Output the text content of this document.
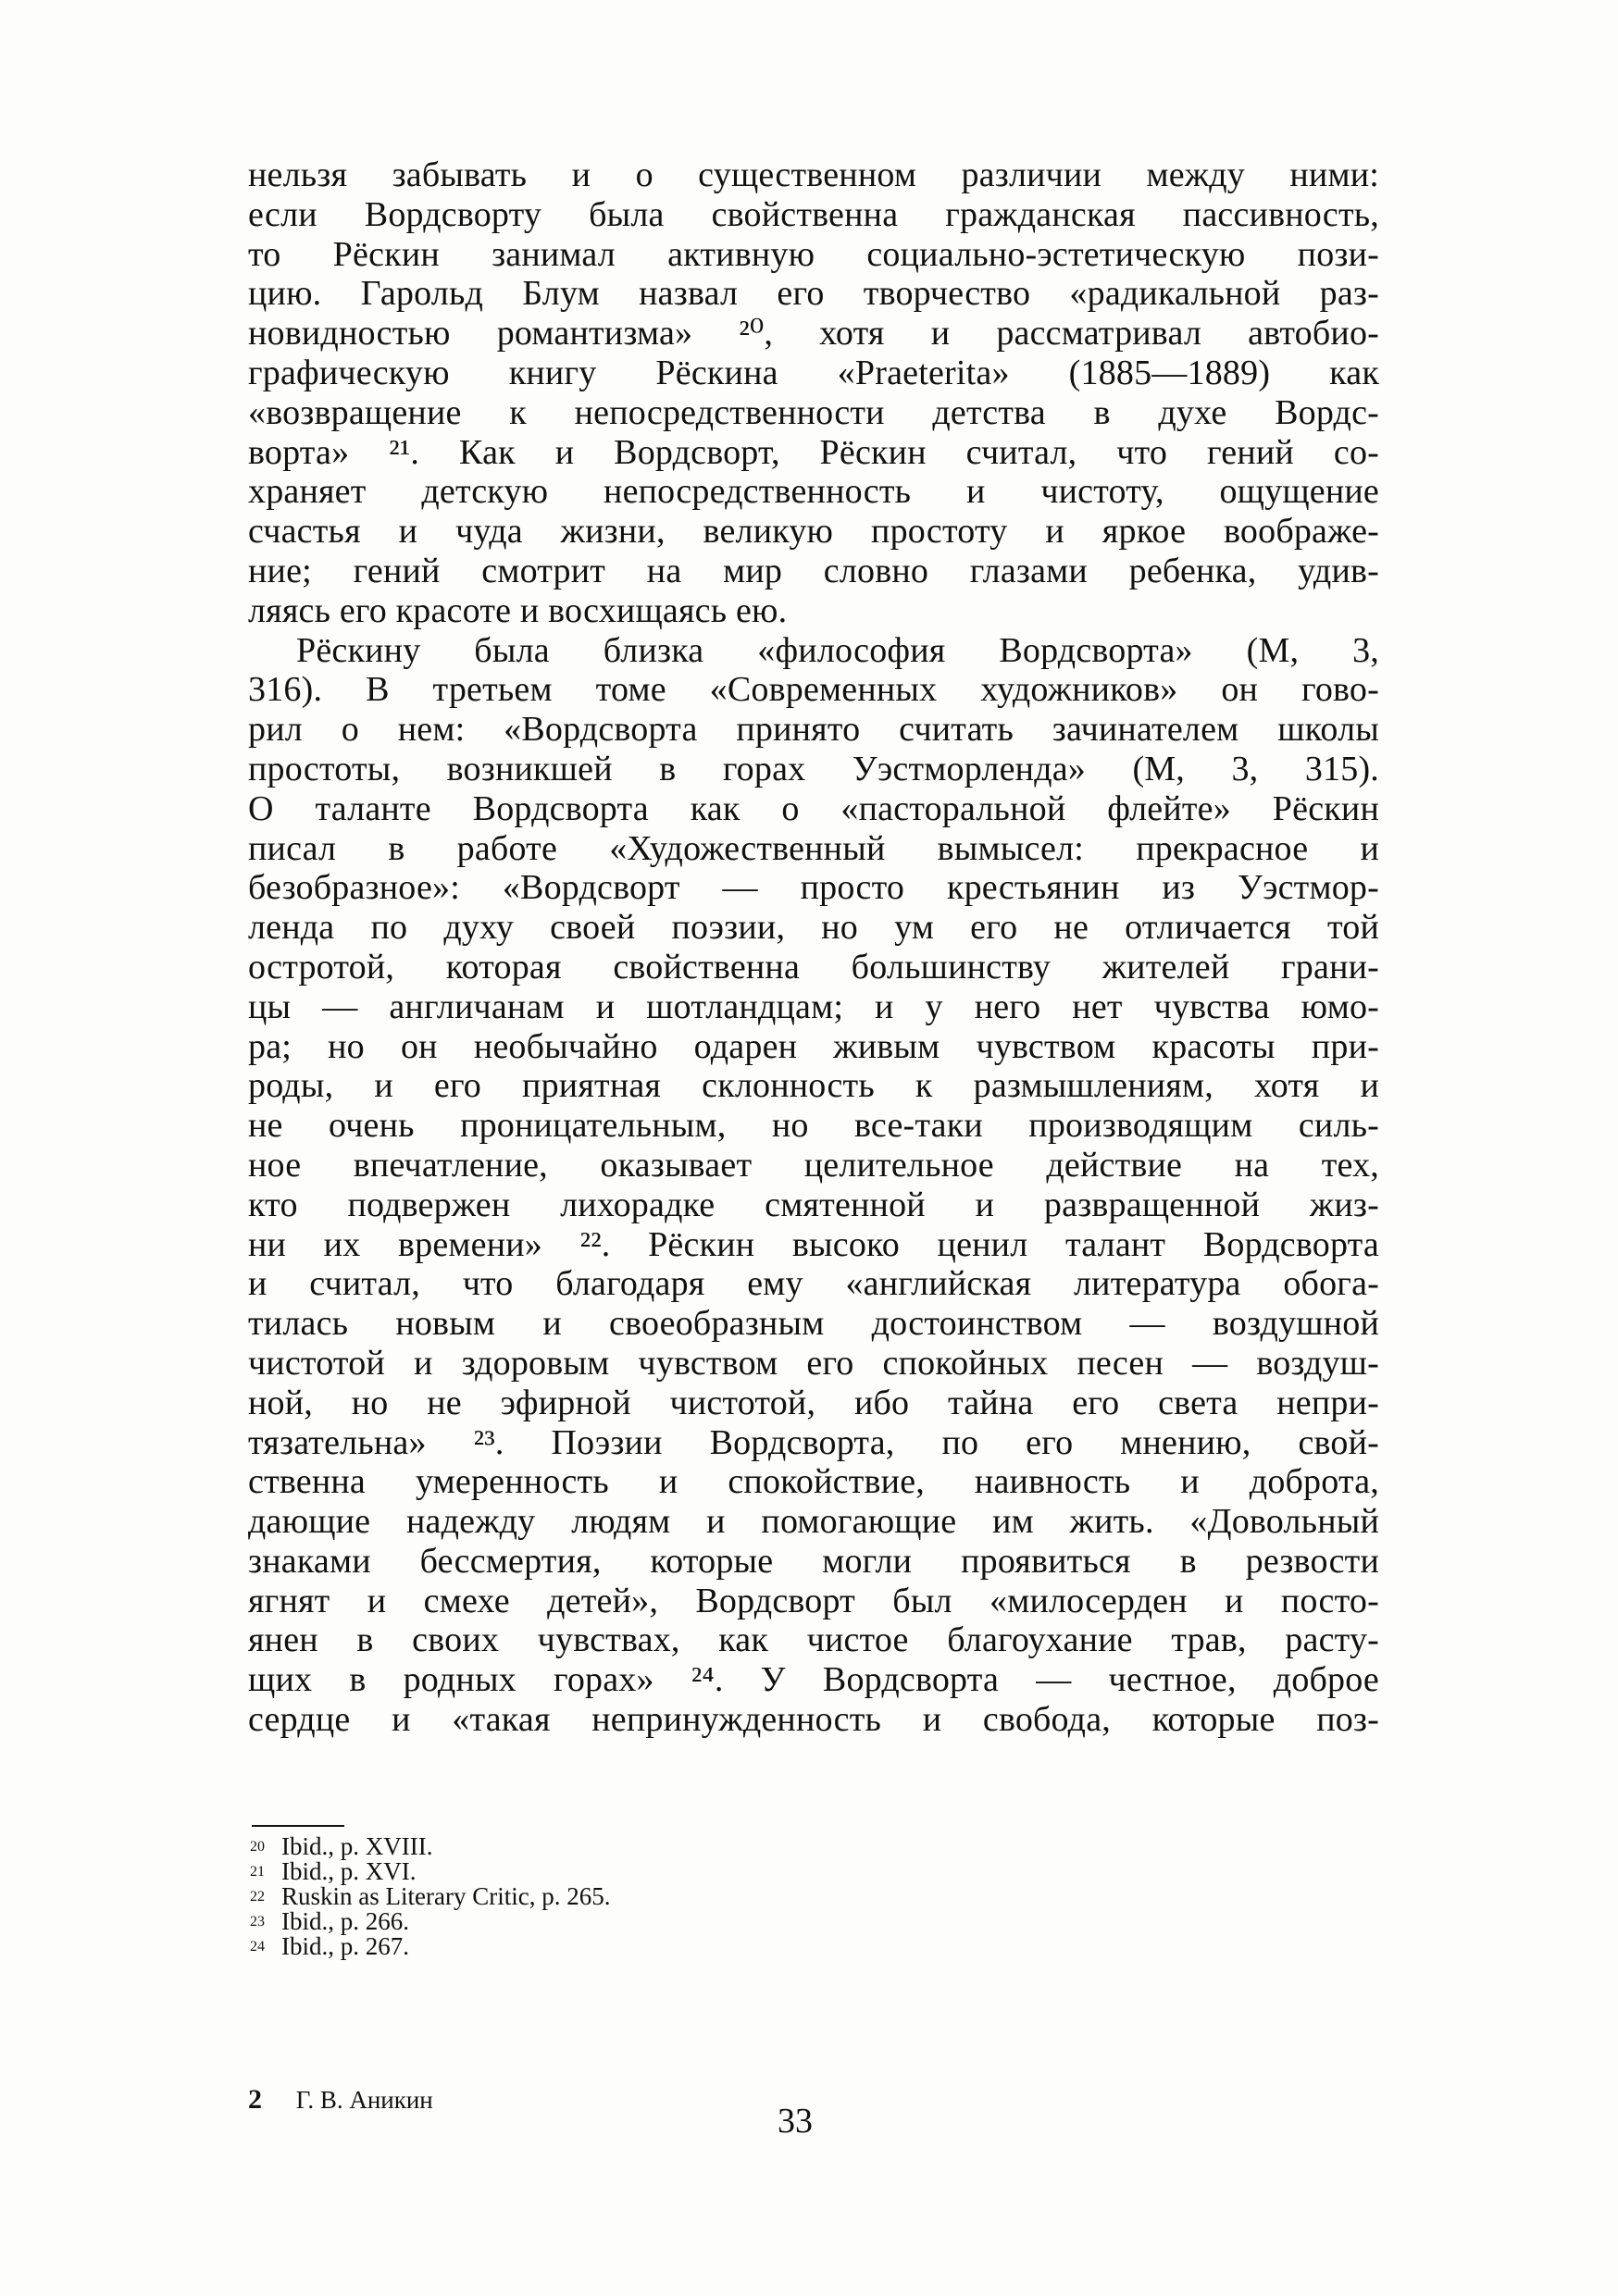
нельзя забывать и о существенном различии между ними:
если Вордсворту была свойственна гражданская пассивность,
то Рёскин занимал активную социально-эстетическую пози-
цию. Гарольд Блум назвал его творчество «радикальной раз-
новидностью романтизма» ²⁰, хотя и рассматривал автобио-
графическую книгу Рёскина «Praeterita» (1885—1889) как
«возвращение к непосредственности детства в духе Вордс-
ворта» ²¹. Как и Вордсворт, Рёскин считал, что гений со-
храняет детскую непосредственность и чистоту, ощущение
счастья и чуда жизни, великую простоту и яркое воображе-
ние; гений смотрит на мир словно глазами ребенка, удив-
ляясь его красоте и восхищаясь ею.
Рёскину была близка «философия Вордсворта» (М, 3,
316). В третьем томе «Современных художников» он гово-
рил о нем: «Вордсворта принято считать зачинателем школы
простоты, возникшей в горах Уэстморленда» (М, 3, 315).
О таланте Вордсворта как о «пасторальной флейте» Рёскин
писал в работе «Художественный вымысел: прекрасное и
безобразное»: «Вордсворт — просто крестьянин из Уэстмор-
ленда по духу своей поэзии, но ум его не отличается той
остротой, которая свойственна большинству жителей грани-
цы — англичанам и шотландцам; и у него нет чувства юмо-
ра; но он необычайно одарен живым чувством красоты при-
роды, и его приятная склонность к размышлениям, хотя и
не очень проницательным, но все-таки производящим силь-
ное впечатление, оказывает целительное действие на тех,
кто подвержен лихорадке смятенной и развращенной жиз-
ни их времени» ²². Рёскин высоко ценил талант Вордсворта
и считал, что благодаря ему «английская литература обога-
тилась новым и своеобразным достоинством — воздушной
чистотой и здоровым чувством его спокойных песен — воздуш-
ной, но не эфирной чистотой, ибо тайна его света непри-
тязательна» ²³. Поэзии Вордсворта, по его мнению, свой-
ственна умеренность и спокойствие, наивность и доброта,
дающие надежду людям и помогающие им жить. «Довольный
знаками бессмертия, которые могли проявиться в резвости
ягнят и смехе детей», Вордсворт был «милосерден и посто-
янен в своих чувствах, как чистое благоухание трав, расту-
щих в родных горах» ²⁴. У Вордсворта — честное, доброе
сердце и «такая непринужденность и свобода, которые поз-
$^{20}$ Ibid., p. XVIII.
$^{21}$ Ibid., p. XVI.
$^{22}$ Ruskin as Literary Critic, p. 265.
$^{23}$ Ibid., p. 266.
$^{24}$ Ibid., p. 267.
2 Г. В. Аникин
33
